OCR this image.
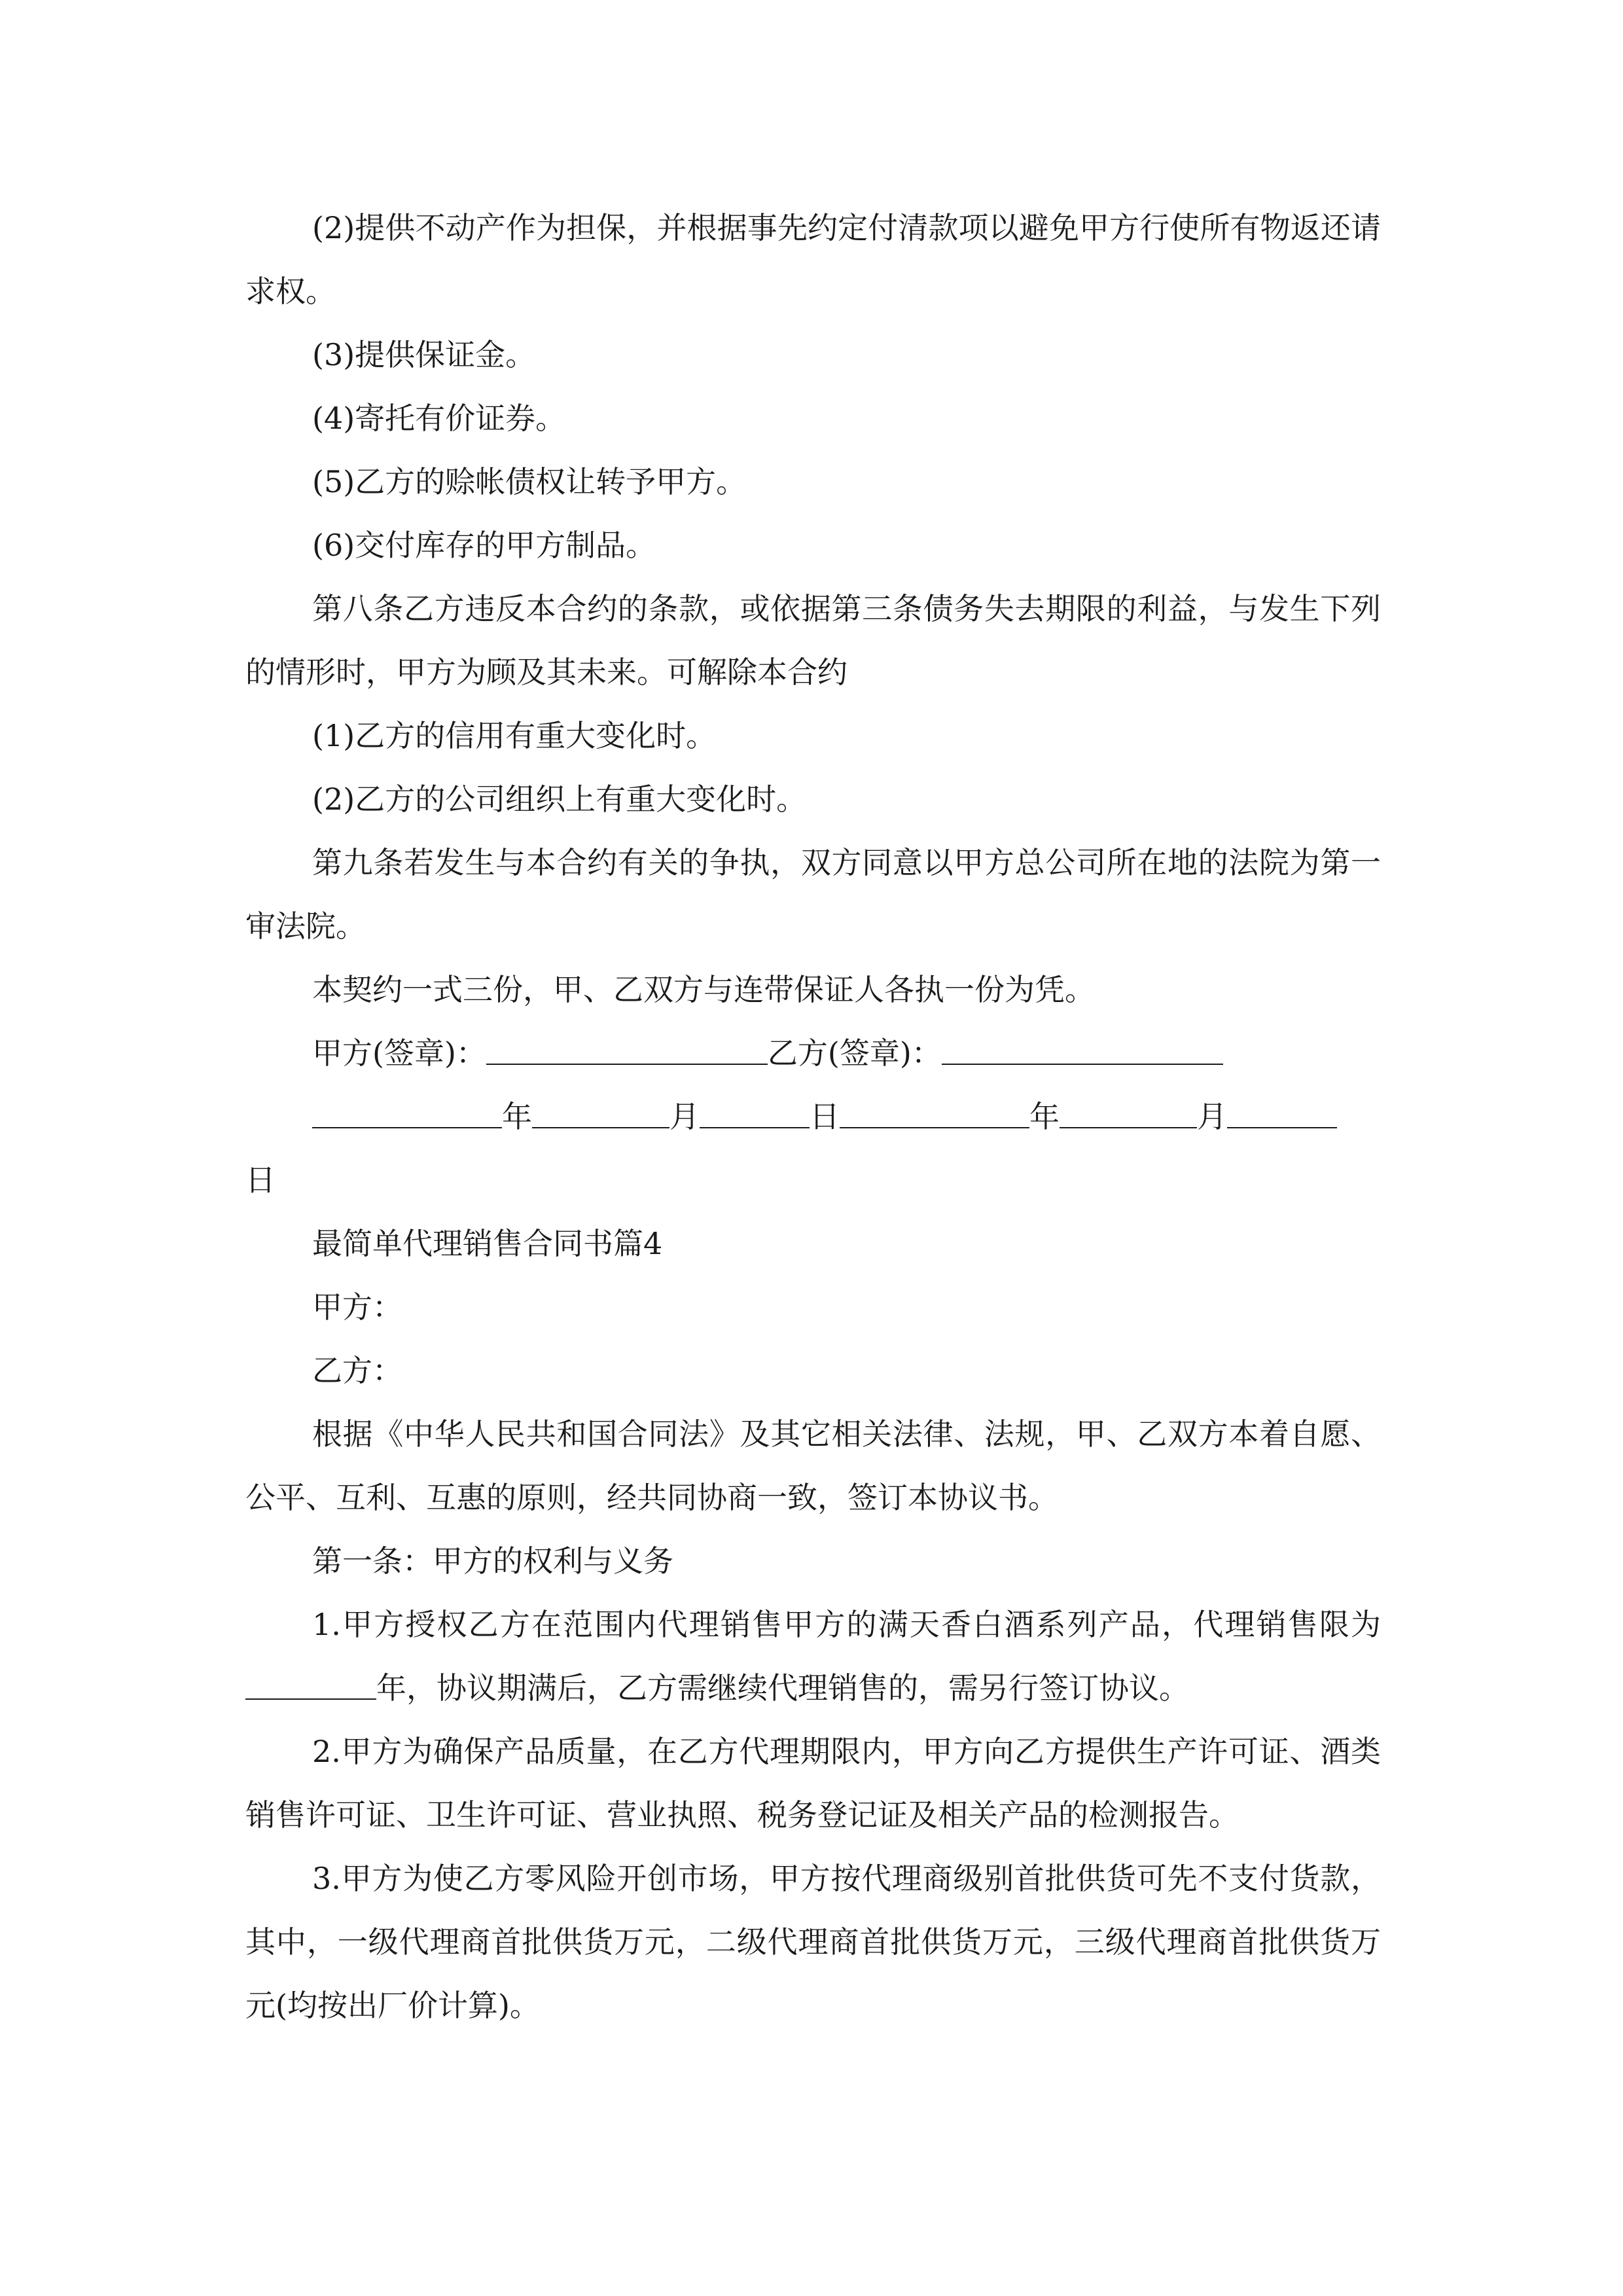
(2)提供不动产作为担保，并根据事先约定付清款项以避免甲方行使所有物返还请求权。

(3)提供保证金。

(4)寄托有价证券。

(5)乙方的赊帐债权让转予甲方。

(6)交付库存的甲方制品。

第八条乙方违反本合约的条款，或依据第三条债务失去期限的利益，与发生下列的情形时，甲方为顾及其未来。可解除本合约

(1)乙方的信用有重大变化时。

(2)乙方的公司组织上有重大变化时。

第九条若发生与本合约有关的争执，双方同意以甲方总公司所在地的法院为第一审法院。

本契约一式三份，甲、乙双方与连带保证人各执一份为凭。

甲方(签章)：	乙方(签章)：

年	月	日	年	月

日

最简单代理销售合同书篇4

甲方：

乙方：

根据《中华人民共和国合同法》及其它相关法律、法规，甲、乙双方本着自愿、公平、互利、互惠的原则，经共同协商一致，签订本协议书。

第一条：甲方的权利与义务

1.甲方授权乙方在范围内代理销售甲方的满天香白酒系列产品，代理销售限为年，协议期满后，乙方需继续代理销售的，需另行签订协议。

2.甲方为确保产品质量，在乙方代理期限内，甲方向乙方提供生产许可证、酒类销售许可证、卫生许可证、营业执照、税务登记证及相关产品的检测报告。

3.甲方为使乙方零风险开创市场，甲方按代理商级别首批供货可先不支付货款，其中，一级代理商首批供货万元，二级代理商首批供货万元，三级代理商首批供货万元(均按出厂价计算)。
